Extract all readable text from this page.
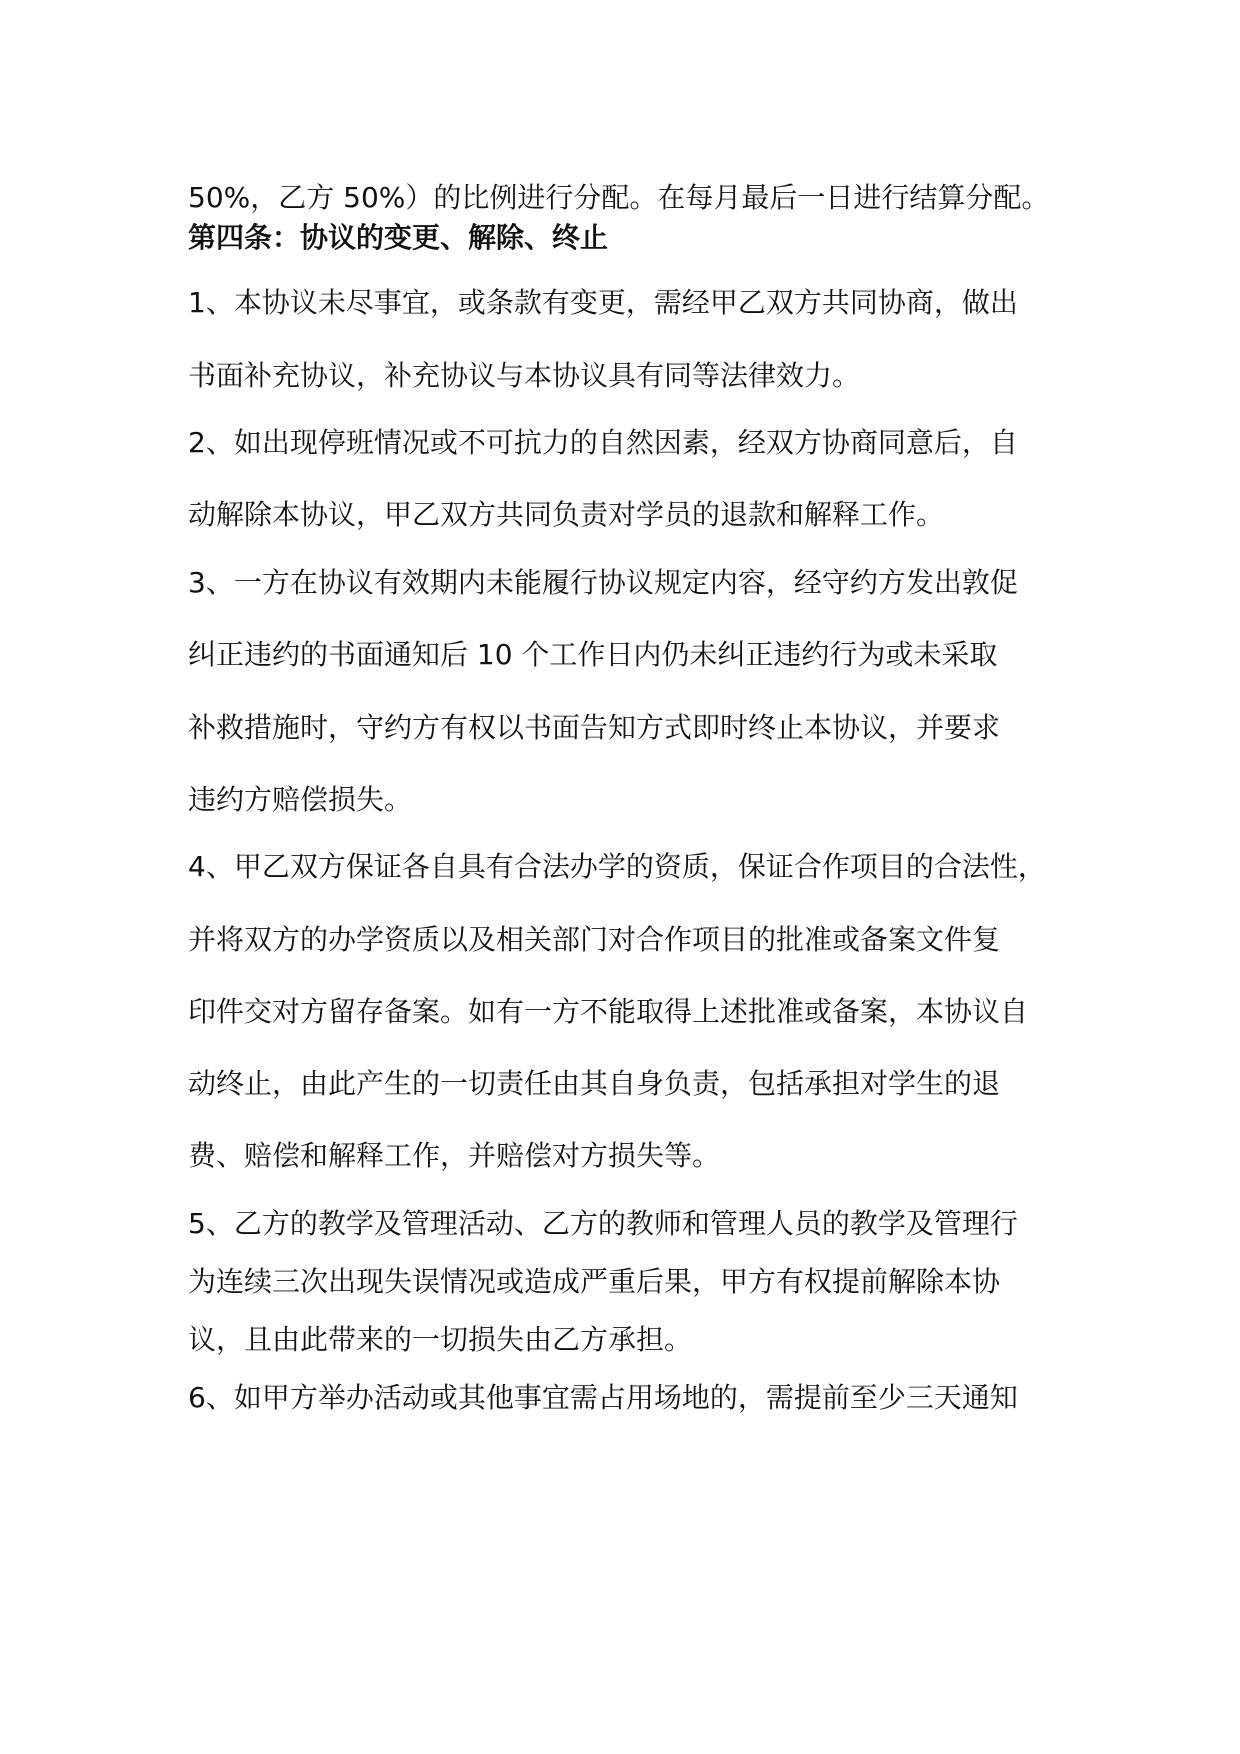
50%，乙方 50%）的比例进行分配。在每月最后一日进行结算分配。
第四条：协议的变更、解除、终止
1、本协议未尽事宜，或条款有变更，需经甲乙双方共同协商，做出
书面补充协议，补充协议与本协议具有同等法律效力。
2、如出现停班情况或不可抗力的自然因素，经双方协商同意后，自
动解除本协议，甲乙双方共同负责对学员的退款和解释工作。
3、一方在协议有效期内未能履行协议规定内容，经守约方发出敦促
纠正违约的书面通知后 10 个工作日内仍未纠正违约行为或未采取
补救措施时，守约方有权以书面告知方式即时终止本协议，并要求
违约方赔偿损失。
4、甲乙双方保证各自具有合法办学的资质，保证合作项目的合法性，
并将双方的办学资质以及相关部门对合作项目的批准或备案文件复
印件交对方留存备案。如有一方不能取得上述批准或备案，本协议自
动终止，由此产生的一切责任由其自身负责，包括承担对学生的退
费、赔偿和解释工作，并赔偿对方损失等。
5、乙方的教学及管理活动、乙方的教师和管理人员的教学及管理行
为连续三次出现失误情况或造成严重后果，甲方有权提前解除本协
议，且由此带来的一切损失由乙方承担。
6、如甲方举办活动或其他事宜需占用场地的，需提前至少三天通知
